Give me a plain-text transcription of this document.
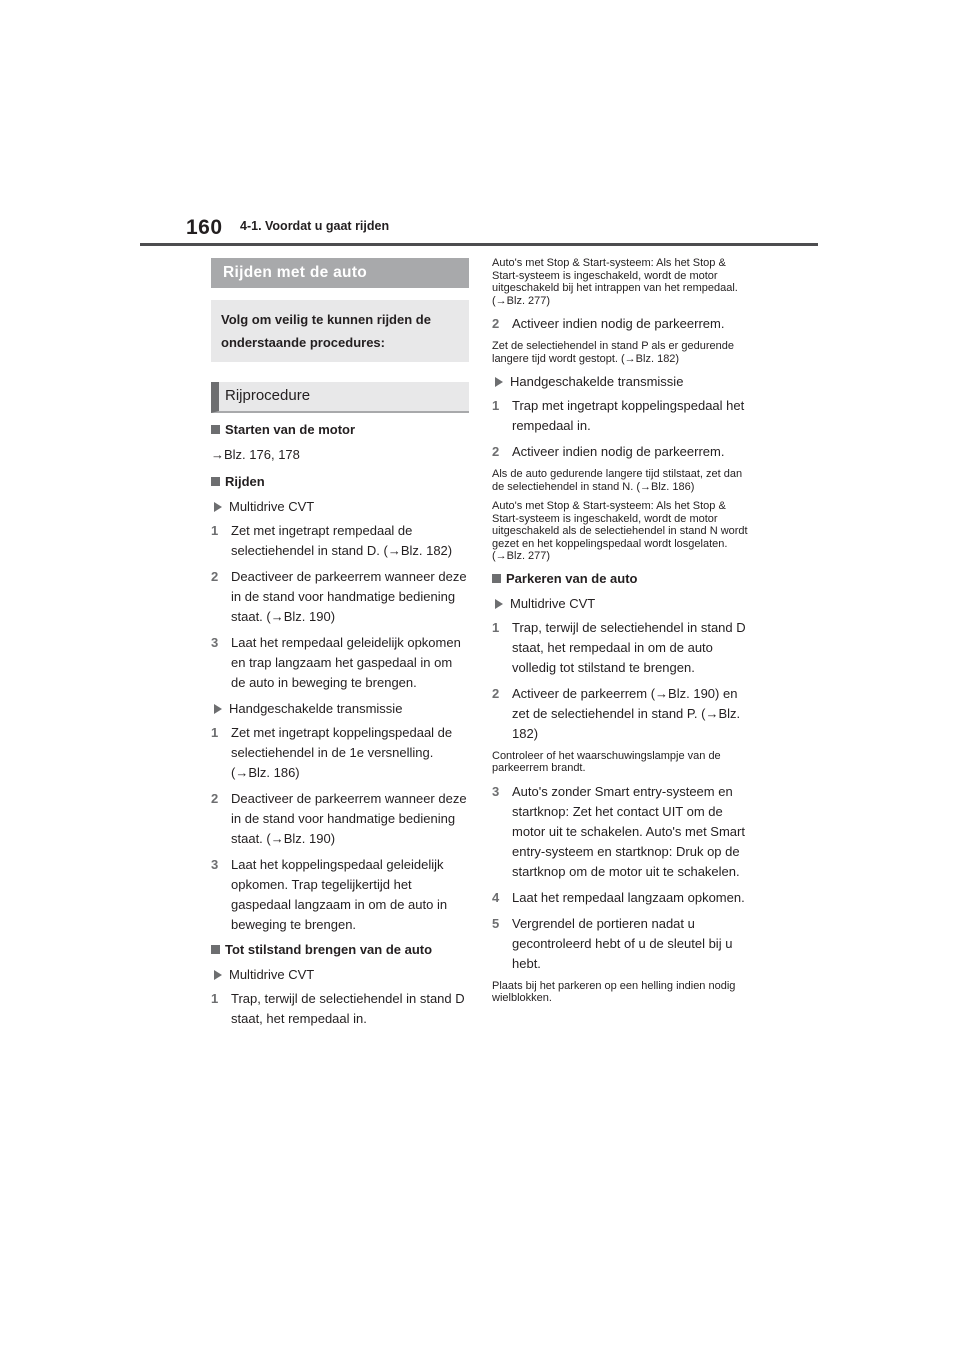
160 4-1. Voordat u gaat rijden
Rijden met de auto
Volg om veilig te kunnen rijden de onderstaande procedures:
Rijprocedure
Starten van de motor
→Blz. 176, 178
Rijden
Multidrive CVT
1 Zet met ingetrapt rempedaal de selectiehendel in stand D. (→Blz. 182)
2 Deactiveer de parkeerrem wanneer deze in de stand voor handmatige bediening staat. (→Blz. 190)
3 Laat het rempedaal geleidelijk opkomen en trap langzaam het gaspedaal in om de auto in beweging te brengen.
Handgeschakelde transmissie
1 Zet met ingetrapt koppelingspedaal de selectiehendel in de 1e versnelling. (→Blz. 186)
2 Deactiveer de parkeerrem wanneer deze in de stand voor handmatige bediening staat. (→Blz. 190)
3 Laat het koppelingspedaal geleidelijk opkomen. Trap tegelijkertijd het gaspedaal langzaam in om de auto in beweging te brengen.
Tot stilstand brengen van de auto
Multidrive CVT
1 Trap, terwijl de selectiehendel in stand D staat, het rempedaal in.
Auto's met Stop & Start-systeem: Als het Stop & Start-systeem is ingeschakeld, wordt de motor uitgeschakeld bij het intrappen van het rempedaal. (→Blz. 277)
2 Activeer indien nodig de parkeerrem.
Zet de selectiehendel in stand P als er gedurende langere tijd wordt gestopt. (→Blz. 182)
Handgeschakelde transmissie
1 Trap met ingetrapt koppelingspedaal het rempedaal in.
2 Activeer indien nodig de parkeerrem.
Als de auto gedurende langere tijd stilstaat, zet dan de selectiehendel in stand N. (→Blz. 186)
Auto's met Stop & Start-systeem: Als het Stop & Start-systeem is ingeschakeld, wordt de motor uitgeschakeld als de selectiehendel in stand N wordt gezet en het koppelingspedaal wordt losgelaten. (→Blz. 277)
Parkeren van de auto
Multidrive CVT
1 Trap, terwijl de selectiehendel in stand D staat, het rempedaal in om de auto volledig tot stilstand te brengen.
2 Activeer de parkeerrem (→Blz. 190) en zet de selectiehendel in stand P. (→Blz. 182)
Controleer of het waarschuwingslampje van de parkeerrem brandt.
3 Auto's zonder Smart entry-systeem en startknop: Zet het contact UIT om de motor uit te schakelen. Auto's met Smart entry-systeem en startknop: Druk op de startknop om de motor uit te schakelen.
4 Laat het rempedaal langzaam opkomen.
5 Vergrendel de portieren nadat u gecontroleerd hebt of u de sleutel bij u hebt.
Plaats bij het parkeren op een helling indien nodig wielblokken.
